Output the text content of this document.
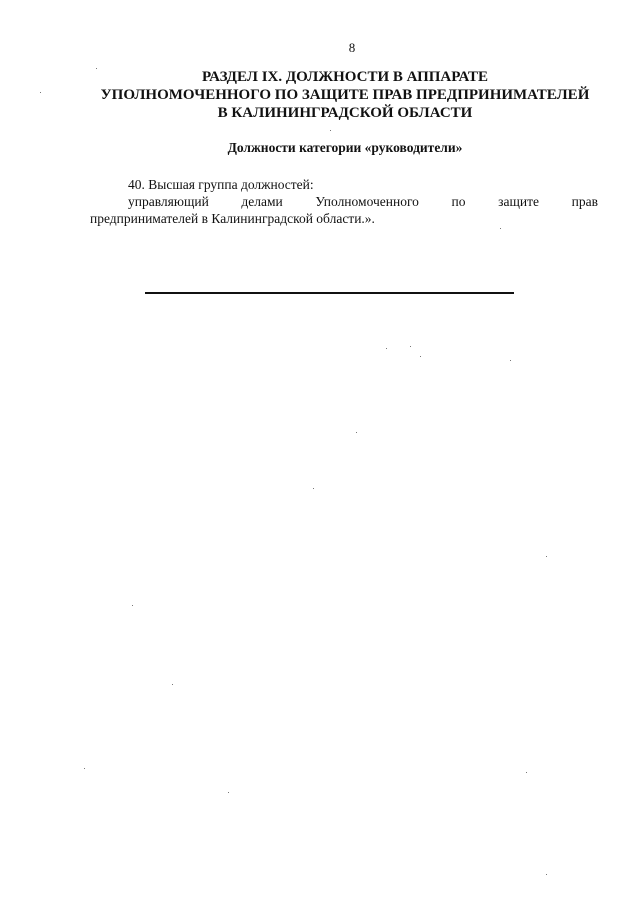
8
РАЗДЕЛ IX. ДОЛЖНОСТИ В АППАРАТЕ
УПОЛНОМОЧЕННОГО ПО ЗАЩИТЕ ПРАВ ПРЕДПРИНИМАТЕЛЕЙ
В КАЛИНИНГРАДСКОЙ ОБЛАСТИ
Должности категории «руководители»
40. Высшая группа должностей:
управляющий делами Уполномоченного по защите прав
предпринимателей в Калининградской области.».
